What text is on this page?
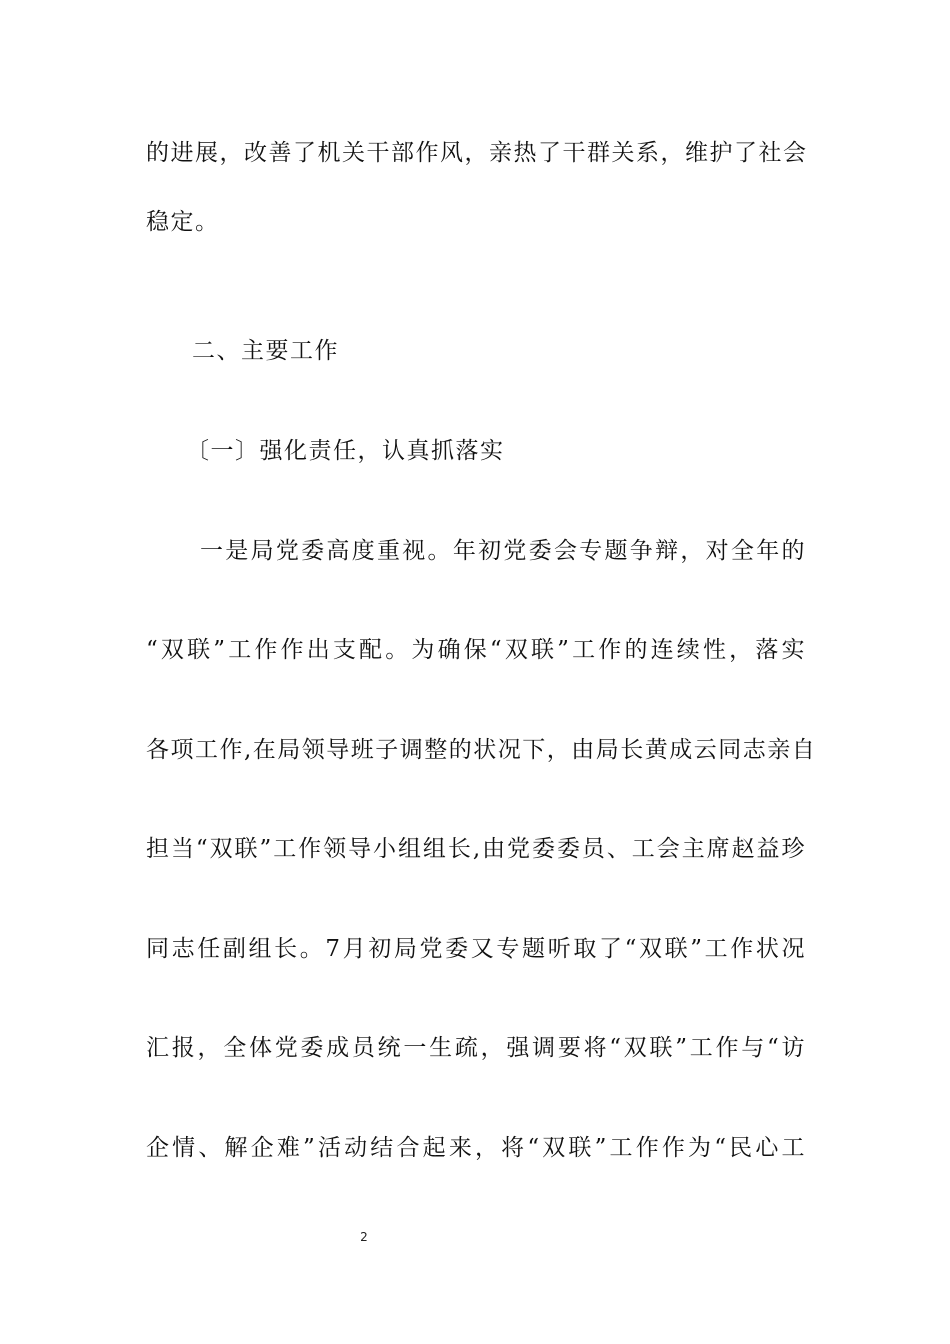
的进展，改善了机关干部作风，亲热了干群关系，维护了社会
稳定。
二、主要工作
〔一〕强化责任，认真抓落实
一是局党委高度重视。年初党委会专题争辩，对全年的
“双联”工作作出支配。为确保“双联”工作的连续性，落实
各项工作,在局领导班子调整的状况下，由局长黄成云同志亲自
担当“双联”工作领导小组组长,由党委委员、工会主席赵益珍
同志任副组长。7月初局党委又专题听取了“双联”工作状况
汇报，全体党委成员统一生疏，强调要将“双联”工作与“访
企情、解企难”活动结合起来，将“双联”工作作为“民心工
2
